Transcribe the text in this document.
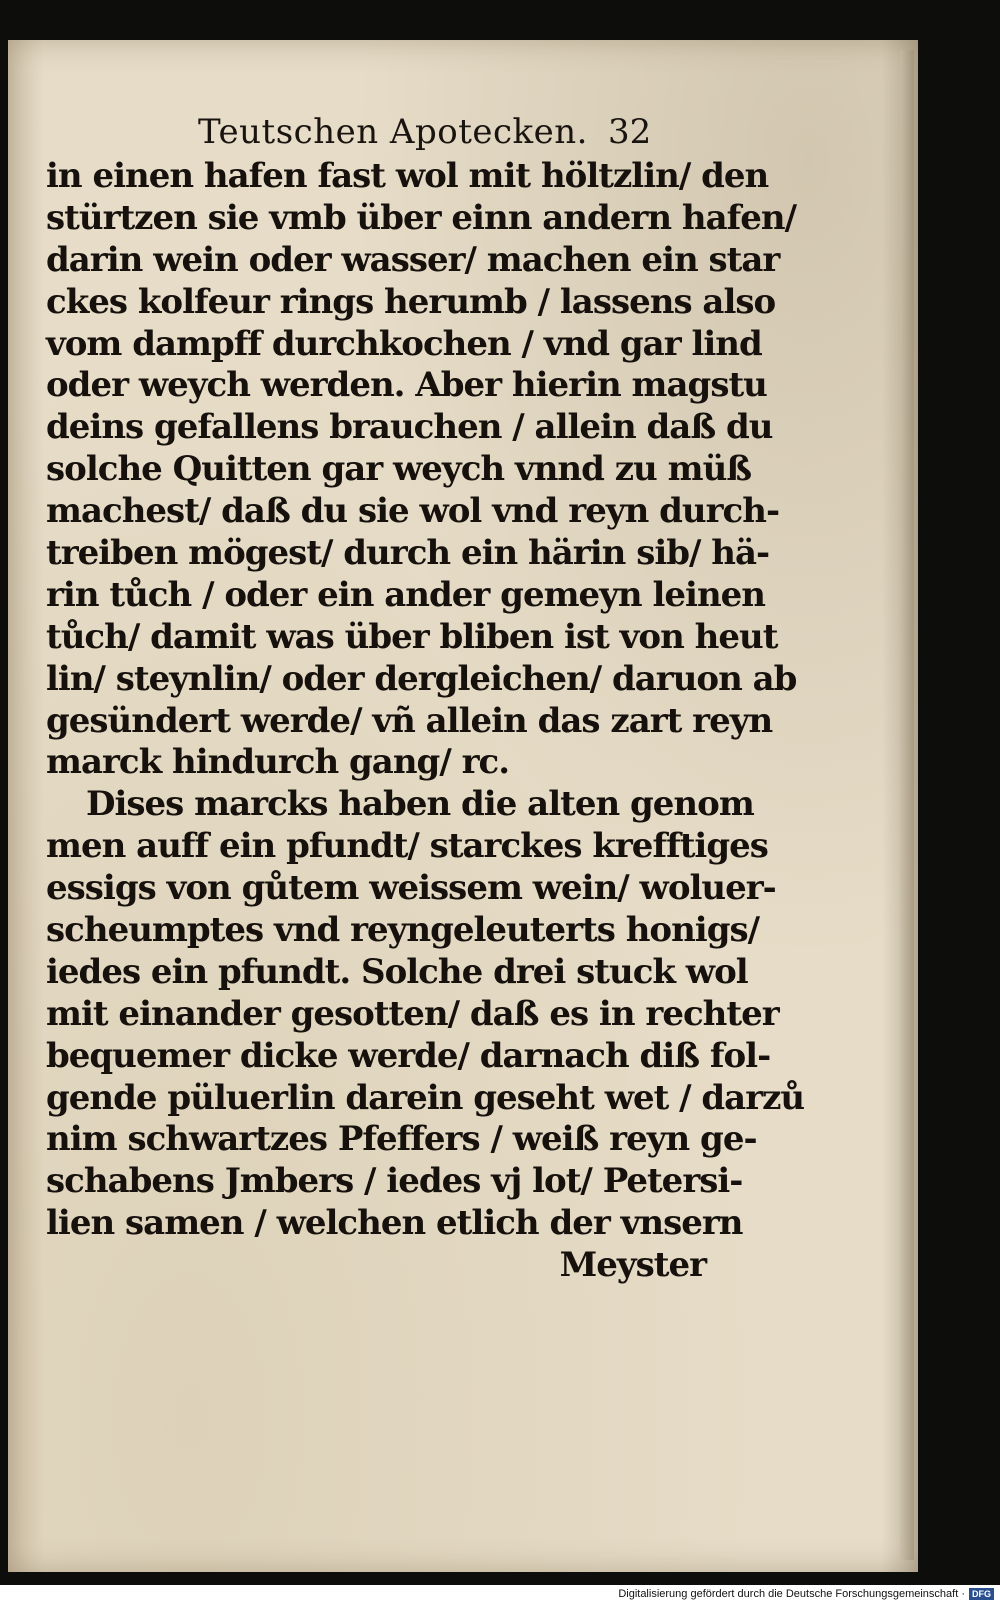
Teutschen Apotecken. 32
in einen hafen fast wol mit höltzlin/ den
stürtzen sie vmb über einn andern hafen/
darin wein oder wasser/ machen ein star
ckes kolfeur rings herumb / lassens also
vom dampff durchkochen / vnd gar lind
oder weych werden. Aber hierin magstu
deins gefallens brauchen / allein daß du
solche Quitten gar weych vnnd zu müß
machest/ daß du sie wol vnd reyn durch-
treiben mögest/ durch ein härin sib/ hä-
rin tůch / oder ein ander gemeyn leinen
tůch/ damit was über bliben ist von heut
lin/ steynlin/ oder dergleichen/ daruon ab
gesündert werde/ vñ allein das zart reyn
marck hindurch gang/ rc.
Dises marcks haben die alten genom
men auff ein pfundt/ starckes krefftiges
essigs von gůtem weissem wein/ woluer-
scheumptes vnd reyngeleuterts honigs/
iedes ein pfundt. Solche drei stuck wol
mit einander gesotten/ daß es in rechter
bequemer dicke werde/ darnach diß fol-
gende püluerlin darein geseht wet / darzů
nim schwartzes Pfeffers / weiß reyn ge-
schabens Jmbers / iedes vj lot/ Petersi-
lien samen / welchen etlich der vnsern
Meyster
Digitalisierung gefördert durch die Deutsche Forschungsgemeinschaft · DFG
